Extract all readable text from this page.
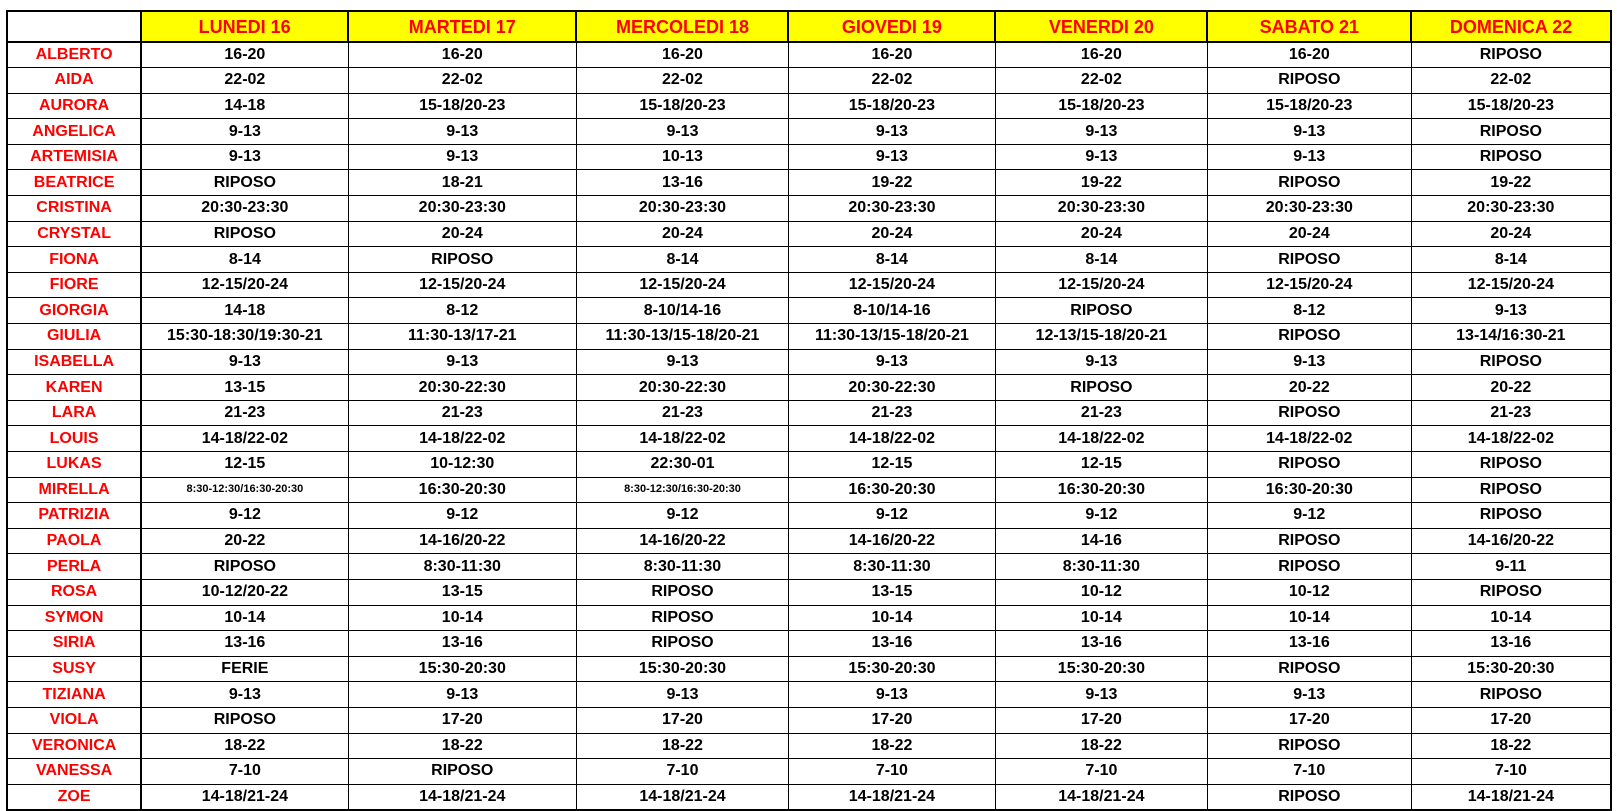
	LUNEDI 16	MARTEDI 17	MERCOLEDI 18	GIOVEDI 19	VENERDI 20	SABATO 21	DOMENICA 22
ALBERTO	16-20	16-20	16-20	16-20	16-20	16-20	RIPOSO
AIDA	22-02	22-02	22-02	22-02	22-02	RIPOSO	22-02
AURORA	14-18	15-18/20-23	15-18/20-23	15-18/20-23	15-18/20-23	15-18/20-23	15-18/20-23
ANGELICA	9-13	9-13	9-13	9-13	9-13	9-13	RIPOSO
ARTEMISIA	9-13	9-13	10-13	9-13	9-13	9-13	RIPOSO
BEATRICE	RIPOSO	18-21	13-16	19-22	19-22	RIPOSO	19-22
CRISTINA	20:30-23:30	20:30-23:30	20:30-23:30	20:30-23:30	20:30-23:30	20:30-23:30	20:30-23:30
CRYSTAL	RIPOSO	20-24	20-24	20-24	20-24	20-24	20-24
FIONA	8-14	RIPOSO	8-14	8-14	8-14	RIPOSO	8-14
FIORE	12-15/20-24	12-15/20-24	12-15/20-24	12-15/20-24	12-15/20-24	12-15/20-24	12-15/20-24
GIORGIA	14-18	8-12	8-10/14-16	8-10/14-16	RIPOSO	8-12	9-13
GIULIA	15:30-18:30/19:30-21	11:30-13/17-21	11:30-13/15-18/20-21	11:30-13/15-18/20-21	12-13/15-18/20-21	RIPOSO	13-14/16:30-21
ISABELLA	9-13	9-13	9-13	9-13	9-13	9-13	RIPOSO
KAREN	13-15	20:30-22:30	20:30-22:30	20:30-22:30	RIPOSO	20-22	20-22
LARA	21-23	21-23	21-23	21-23	21-23	RIPOSO	21-23
LOUIS	14-18/22-02	14-18/22-02	14-18/22-02	14-18/22-02	14-18/22-02	14-18/22-02	14-18/22-02
LUKAS	12-15	10-12:30	22:30-01	12-15	12-15	RIPOSO	RIPOSO
MIRELLA	8:30-12:30/16:30-20:30	16:30-20:30	8:30-12:30/16:30-20:30	16:30-20:30	16:30-20:30	16:30-20:30	RIPOSO
PATRIZIA	9-12	9-12	9-12	9-12	9-12	9-12	RIPOSO
PAOLA	20-22	14-16/20-22	14-16/20-22	14-16/20-22	14-16	RIPOSO	14-16/20-22
PERLA	RIPOSO	8:30-11:30	8:30-11:30	8:30-11:30	8:30-11:30	RIPOSO	9-11
ROSA	10-12/20-22	13-15	RIPOSO	13-15	10-12	10-12	RIPOSO
SYMON	10-14	10-14	RIPOSO	10-14	10-14	10-14	10-14
SIRIA	13-16	13-16	RIPOSO	13-16	13-16	13-16	13-16
SUSY	FERIE	15:30-20:30	15:30-20:30	15:30-20:30	15:30-20:30	RIPOSO	15:30-20:30
TIZIANA	9-13	9-13	9-13	9-13	9-13	9-13	RIPOSO
VIOLA	RIPOSO	17-20	17-20	17-20	17-20	17-20	17-20
VERONICA	18-22	18-22	18-22	18-22	18-22	RIPOSO	18-22
VANESSA	7-10	RIPOSO	7-10	7-10	7-10	7-10	7-10
ZOE	14-18/21-24	14-18/21-24	14-18/21-24	14-18/21-24	14-18/21-24	RIPOSO	14-18/21-24
